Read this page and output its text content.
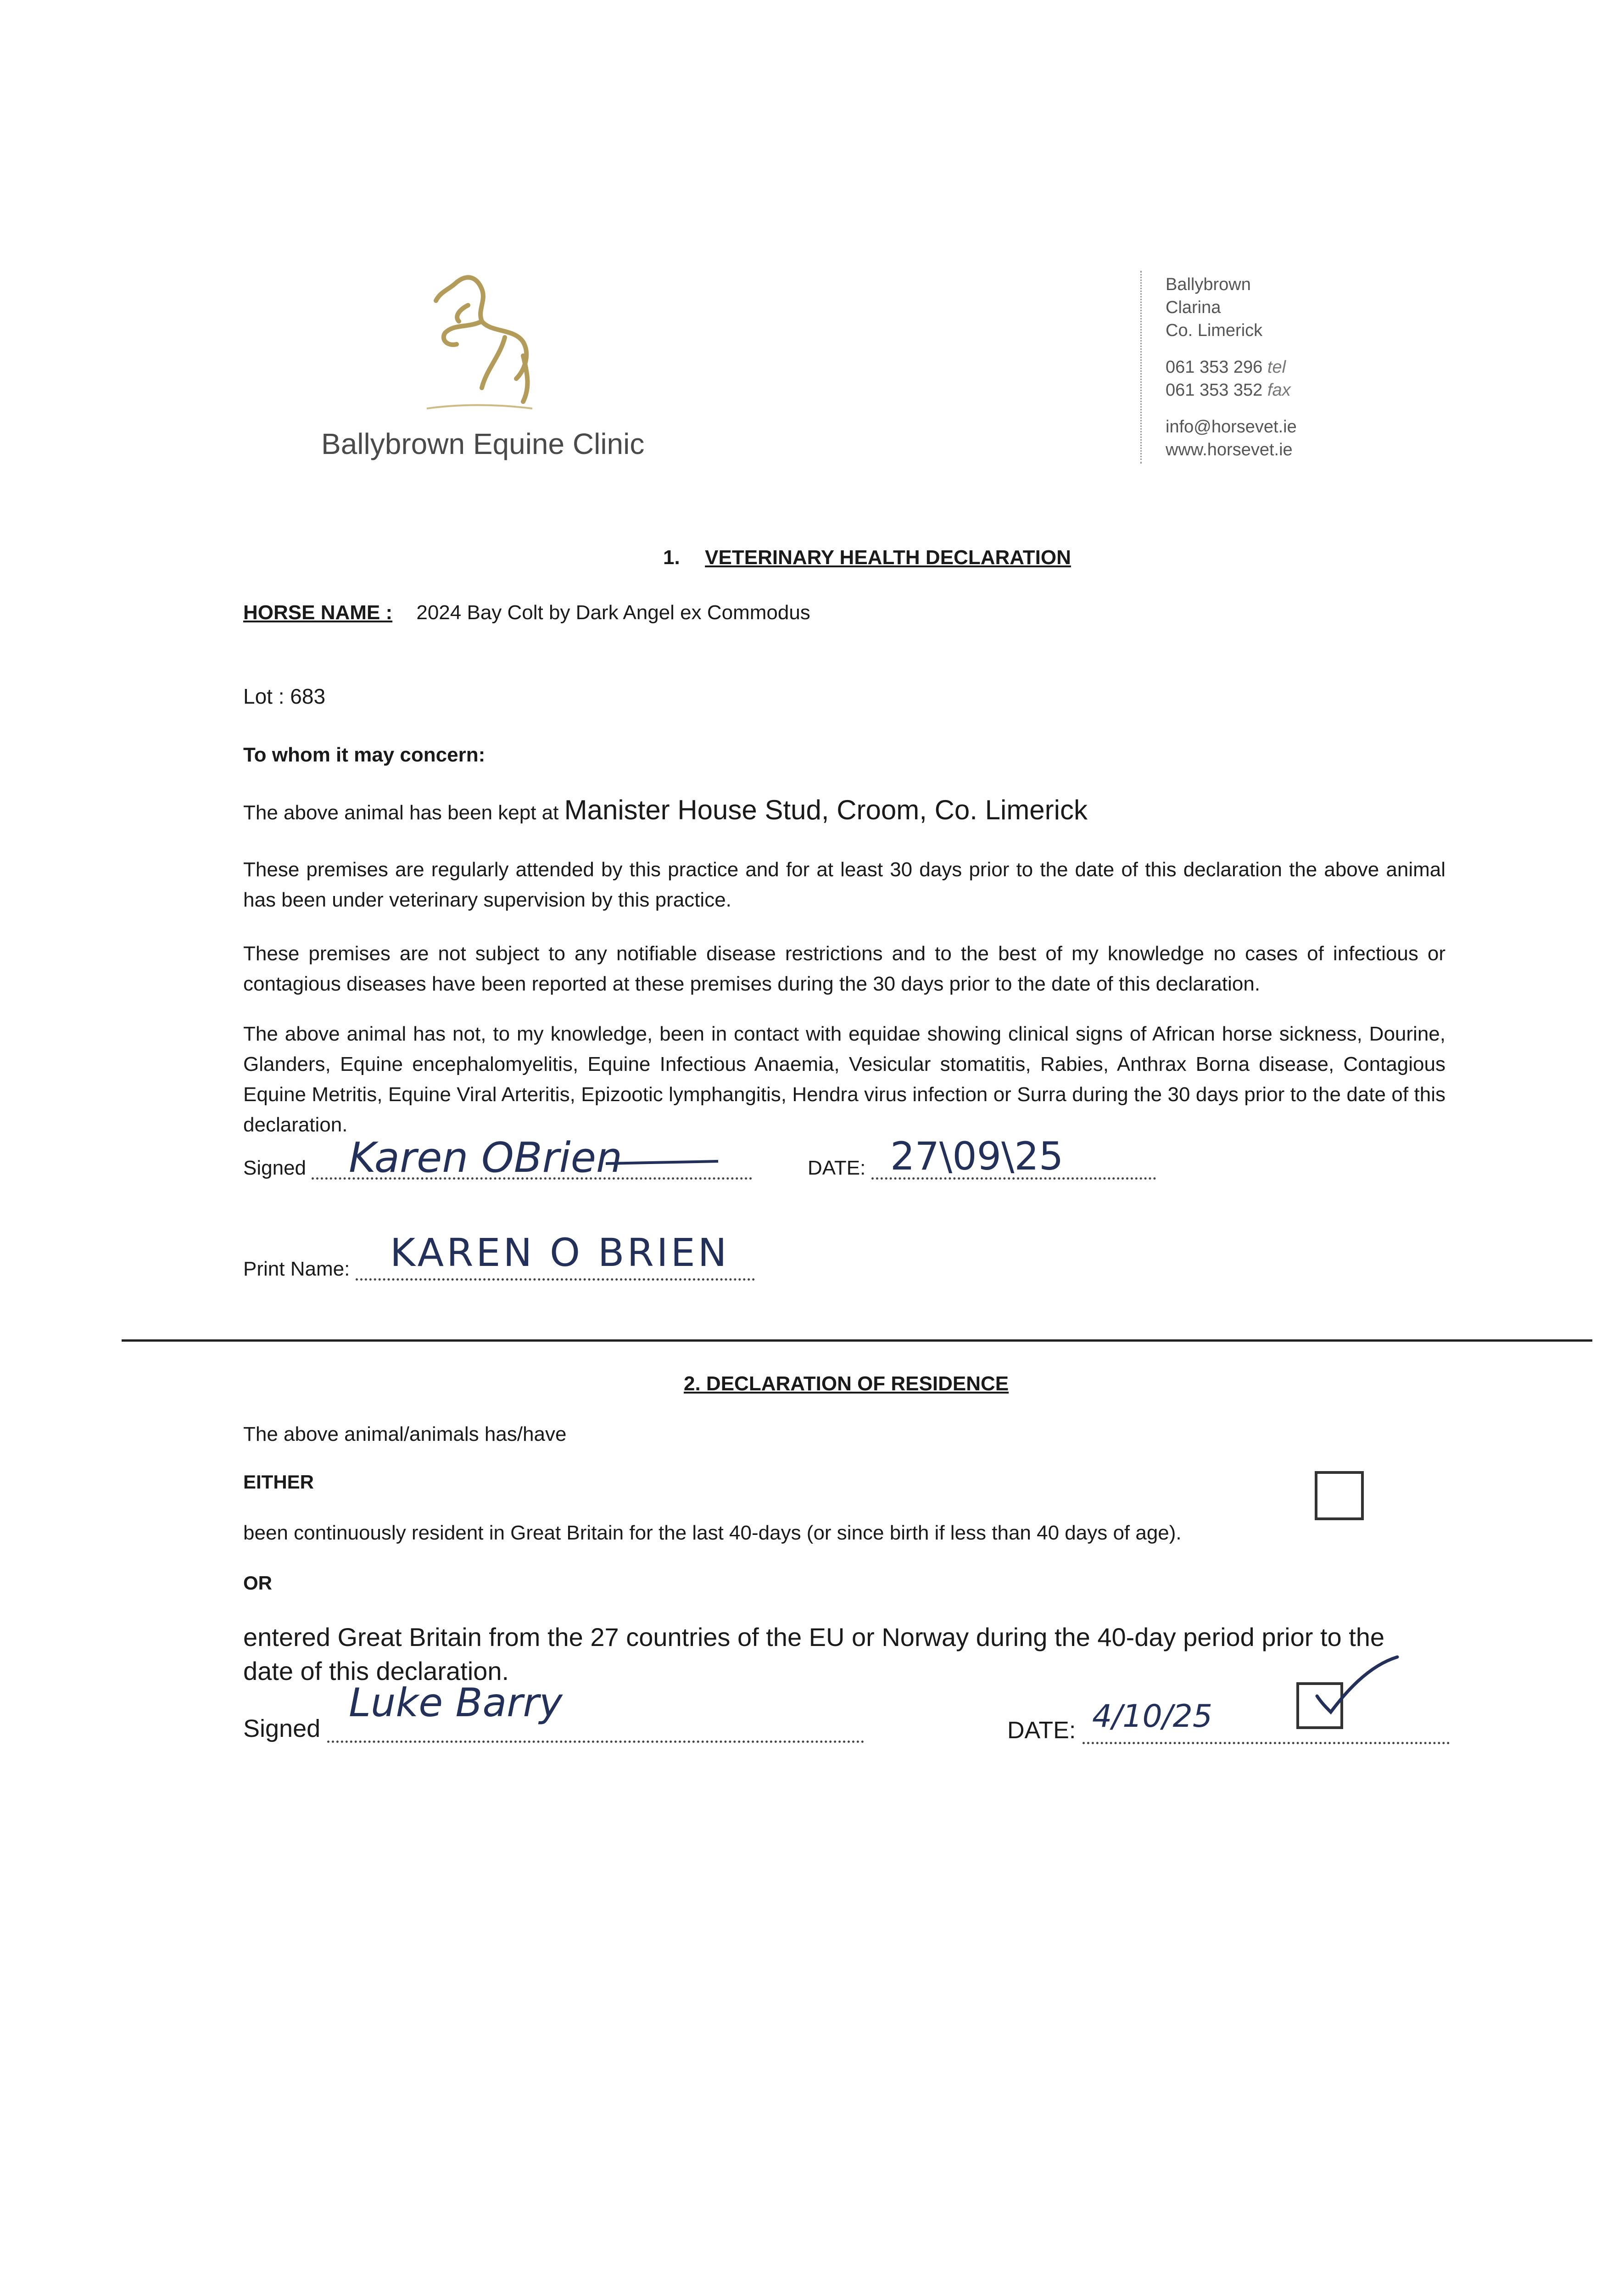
Ballybrown Equine Clinic
Ballybrown
Clarina
Co. Limerick
061 353 296 tel
061 353 352 fax
info@horsevet.ie
www.horsevet.ie
1. VETERINARY HEALTH DECLARATION
HORSE NAME : 2024 Bay Colt by Dark Angel ex Commodus
Lot : 683
To whom it may concern:
The above animal has been kept at Manister House Stud, Croom, Co. Limerick
These premises are regularly attended by this practice and for at least 30 days prior to the date of this declaration the above animal has been under veterinary supervision by this practice.
These premises are not subject to any notifiable disease restrictions and to the best of my knowledge no cases of infectious or contagious diseases have been reported at these premises during the 30 days prior to the date of this declaration.
The above animal has not, to my knowledge, been in contact with equidae showing clinical signs of African horse sickness, Dourine, Glanders, Equine encephalomyelitis, Equine Infectious Anaemia, Vesicular stomatitis, Rabies, Anthrax Borna disease, Contagious Equine Metritis, Equine Viral Arteritis, Epizootic lymphangitis, Hendra virus infection or Surra during the 30 days prior to the date of this declaration.
Signed	Karen OBrien	DATE: 27\09\25
Print Name:	KAREN O BRIEN
2. DECLARATION OF RESIDENCE
The above animal/animals has/have
EITHER
been continuously resident in Great Britain for the last 40-days (or since birth if less than 40 days of age).
OR
entered Great Britain from the 27 countries of the EU or Norway during the 40-day period prior to the date of this declaration.
Signed
Luke Barry
DATE: 4/10/25
